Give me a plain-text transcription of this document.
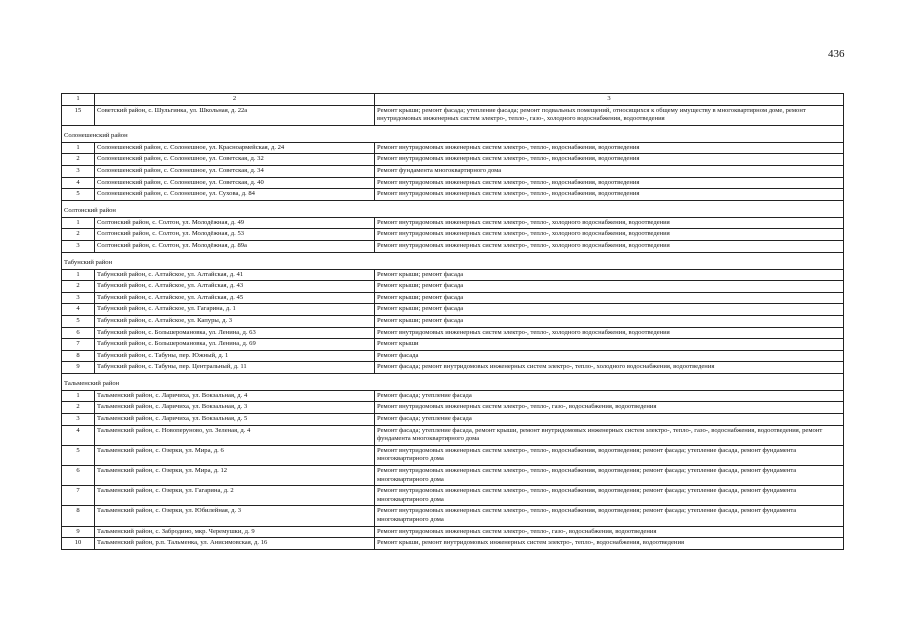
436
1	2	3
15	Советский район, с. Шульгинка, ул. Школьная, д. 22а	Ремонт крыши; ремонт фасада; утепление фасада; ремонт подвальных помещений, относящихся к общему имуществу в многоквартирном доме, ремонт внутридомовых инженерных систем электро-, тепло-, газо-, холодного водоснабжения, водоотведения
Солонешенский район		
1	Солонешенский район, с. Солонешное, ул. Красноармейская, д. 24	Ремонт внутридомовых инженерных систем электро-, тепло-, водоснабжения, водоотведения
2	Солонешенский район, с. Солонешное, ул. Советская, д. 32	Ремонт внутридомовых инженерных систем электро-, тепло-, водоснабжения, водоотведения
3	Солонешенский район, с. Солонешное, ул. Советская, д. 34	Ремонт фундамента многоквартирного дома
4	Солонешенский район, с. Солонешное, ул. Советская, д. 40	Ремонт внутридомовых инженерных систем электро-, тепло-, водоснабжения, водоотведения
5	Солонешенский район, с. Солонешное, ул. Сухова, д. 84	Ремонт внутридомовых инженерных систем электро-, тепло-, водоснабжения, водоотведения
Солтонский район		
1	Солтонский район, с. Солтон, ул. Молодёжная, д. 49	Ремонт внутридомовых инженерных систем электро-, тепло-, холодного водоснабжения, водоотведения
2	Солтонский район, с. Солтон, ул. Молодёжная, д. 53	Ремонт внутридомовых инженерных систем электро-, тепло-, холодного водоснабжения, водоотведения
3	Солтонский район, с. Солтон, ул. Молодёжная, д. 89а	Ремонт внутридомовых инженерных систем электро-, тепло-, холодного водоснабжения, водоотведения
Табунский район		
1	Табунский район, с. Алтайское, ул. Алтайская, д. 41	Ремонт крыши; ремонт фасада
2	Табунский район, с. Алтайское, ул. Алтайская, д. 43	Ремонт крыши; ремонт фасада
3	Табунский район, с. Алтайское, ул. Алтайская, д. 45	Ремонт крыши; ремонт фасада
4	Табунский район, с. Алтайское, ул. Гагарина, д. 1	Ремонт крыши; ремонт фасада
5	Табунский район, с. Алтайское, ул. Капуры, д. 3	Ремонт крыши; ремонт фасада
6	Табунский район, с. Большеромановка, ул. Ленина, д. 63	Ремонт внутридомовых инженерных систем электро-, тепло-, холодного водоснабжения, водоотведения
7	Табунский район, с. Большеромановка, ул. Ленина, д. 69	Ремонт крыши
8	Табунский район, с. Табуны, пер. Южный, д. 1	Ремонт фасада
9	Табунский район, с. Табуны, пер. Центральный, д. 11	Ремонт фасада; ремонт внутридомовых инженерных систем электро-, тепло-, холодного водоснабжения, водоотведения
Тальменский район		
1	Тальменский район, с. Ларичиха, ул. Вокзальная, д. 4	Ремонт фасада; утепление фасада
2	Тальменский район, с. Ларичиха, ул. Вокзальная, д. 3	Ремонт внутридомовых инженерных систем электро-, тепло-, газо-, водоснабжения, водоотведения
3	Тальменский район, с. Ларичиха, ул. Вокзальная, д. 5	Ремонт фасада; утепление фасада
4	Тальменский район, с. Новоперуново, ул. Зеленая, д. 4	Ремонт фасада; утепление фасада, ремонт крыши, ремонт внутридомовых инженерных систем электро-, тепло-, газо-, водоснабжения, водоотведения, ремонт фундамента многоквартирного дома
5	Тальменский район, с. Озерки, ул. Мира, д. 6	Ремонт внутридомовых инженерных систем электро-, тепло-, водоснабжения, водоотведения; ремонт фасада; утепление фасада, ремонт фундамента многоквартирного дома
6	Тальменский район, с. Озерки, ул. Мира, д. 12	Ремонт внутридомовых инженерных систем электро-, тепло-, водоснабжения, водоотведения; ремонт фасада; утепление фасада, ремонт фундамента многоквартирного дома
7	Тальменский район, с. Озерки, ул. Гагарина, д. 2	Ремонт внутридомовых инженерных систем электро-, тепло-, водоснабжения, водоотведения; ремонт фасада; утепление фасада, ремонт фундамента многоквартирного дома
8	Тальменский район, с. Озерки, ул. Юбилейная, д. 3	Ремонт внутридомовых инженерных систем электро-, тепло-, водоснабжения, водоотведения; ремонт фасада; утепление фасада, ремонт фундамента многоквартирного дома
9	Тальменский район, с. Забродино, мкр. Черемушки, д. 9	Ремонт внутридомовых инженерных систем электро-, тепло-, газо-, водоснабжения, водоотведения
10	Тальменский район, р.п. Тальменка, ул. Анисимовская, д. 16	Ремонт крыши, ремонт внутридомовых инженерных систем электро-, тепло-, водоснабжения, водоотведения
